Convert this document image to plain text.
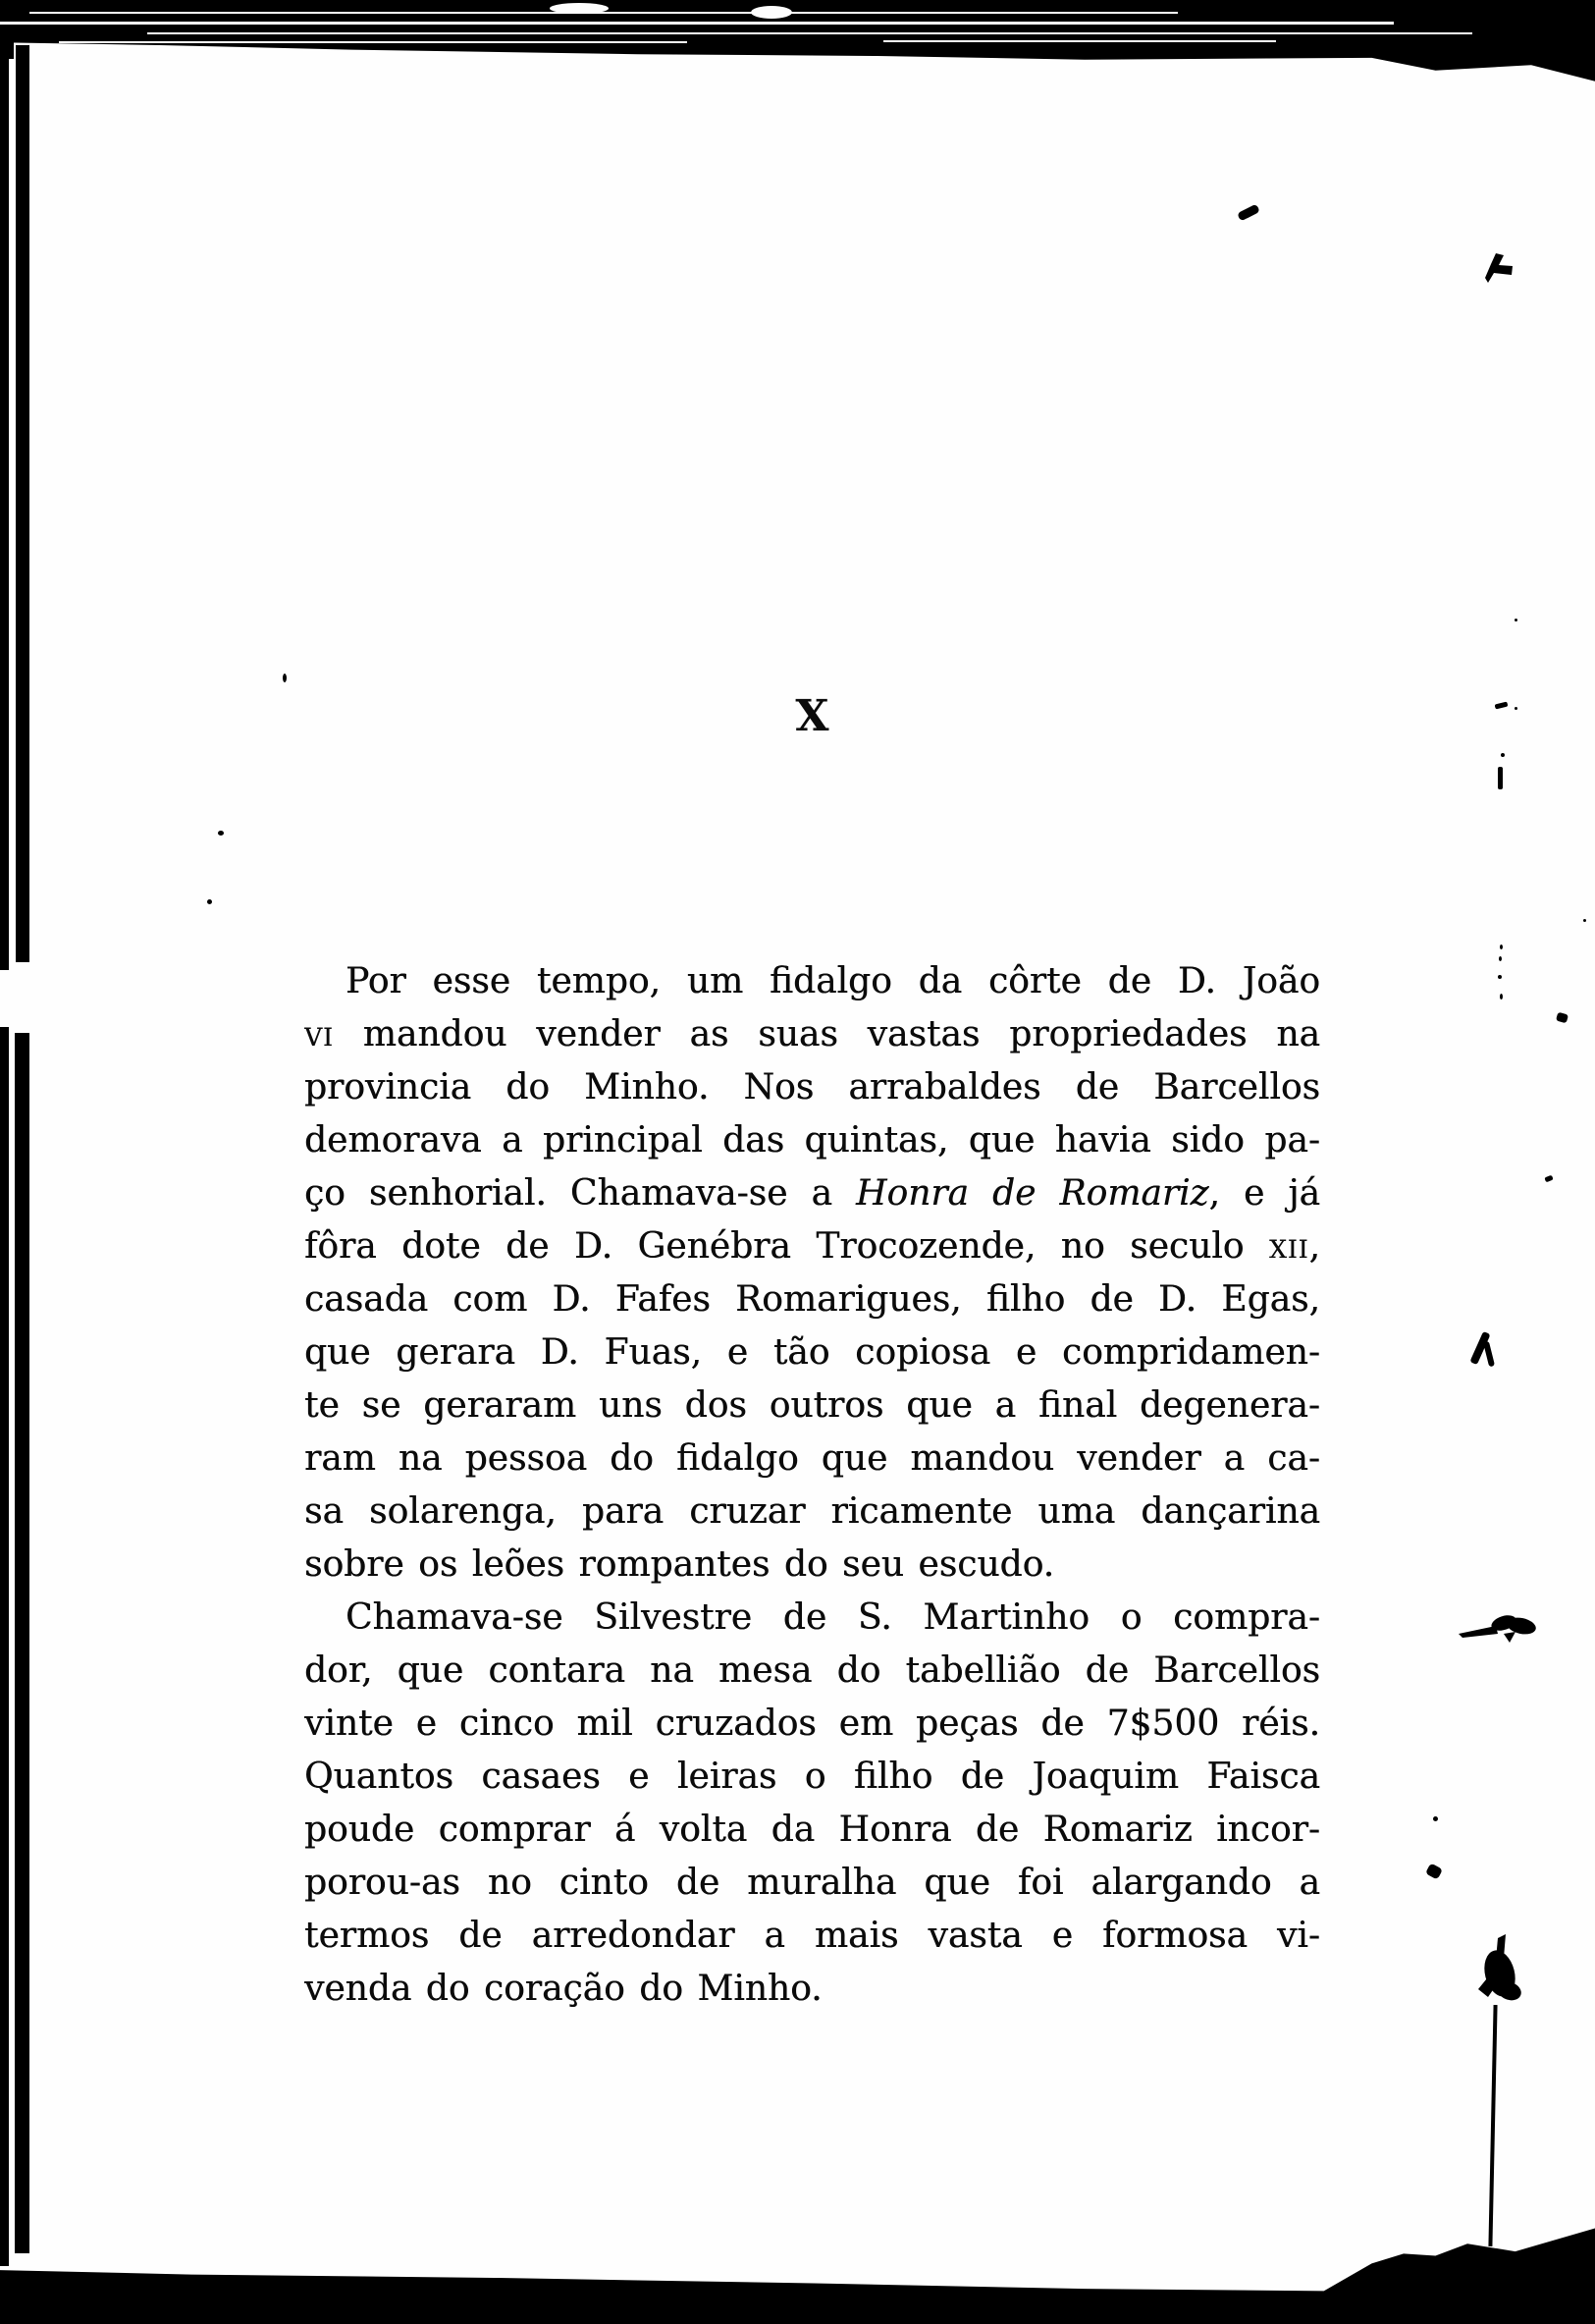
X
Por esse tempo, um fidalgo da côrte de D. João
vi mandou vender as suas vastas propriedades na
provincia do Minho. Nos arrabaldes de Barcellos
demorava a principal das quintas, que havia sido pa-
ço senhorial. Chamava-se a Honra de Romariz, e já
fôra dote de D. Genébra Trocozende, no seculo xii,
casada com D. Fafes Romarigues, filho de D. Egas,
que gerara D. Fuas, e tão copiosa e compridamen-
te se geraram uns dos outros que a final degenera-
ram na pessoa do fidalgo que mandou vender a ca-
sa solarenga, para cruzar ricamente uma dançarina
sobre os leões rompantes do seu escudo.
Chamava-se Silvestre de S. Martinho o compra-
dor, que contara na mesa do tabellião de Barcellos
vinte e cinco mil cruzados em peças de 7$500 réis.
Quantos casaes e leiras o filho de Joaquim Faisca
poude comprar á volta da Honra de Romariz incor-
porou-as no cinto de muralha que foi alargando a
termos de arredondar a mais vasta e formosa vi-
venda do coração do Minho.
